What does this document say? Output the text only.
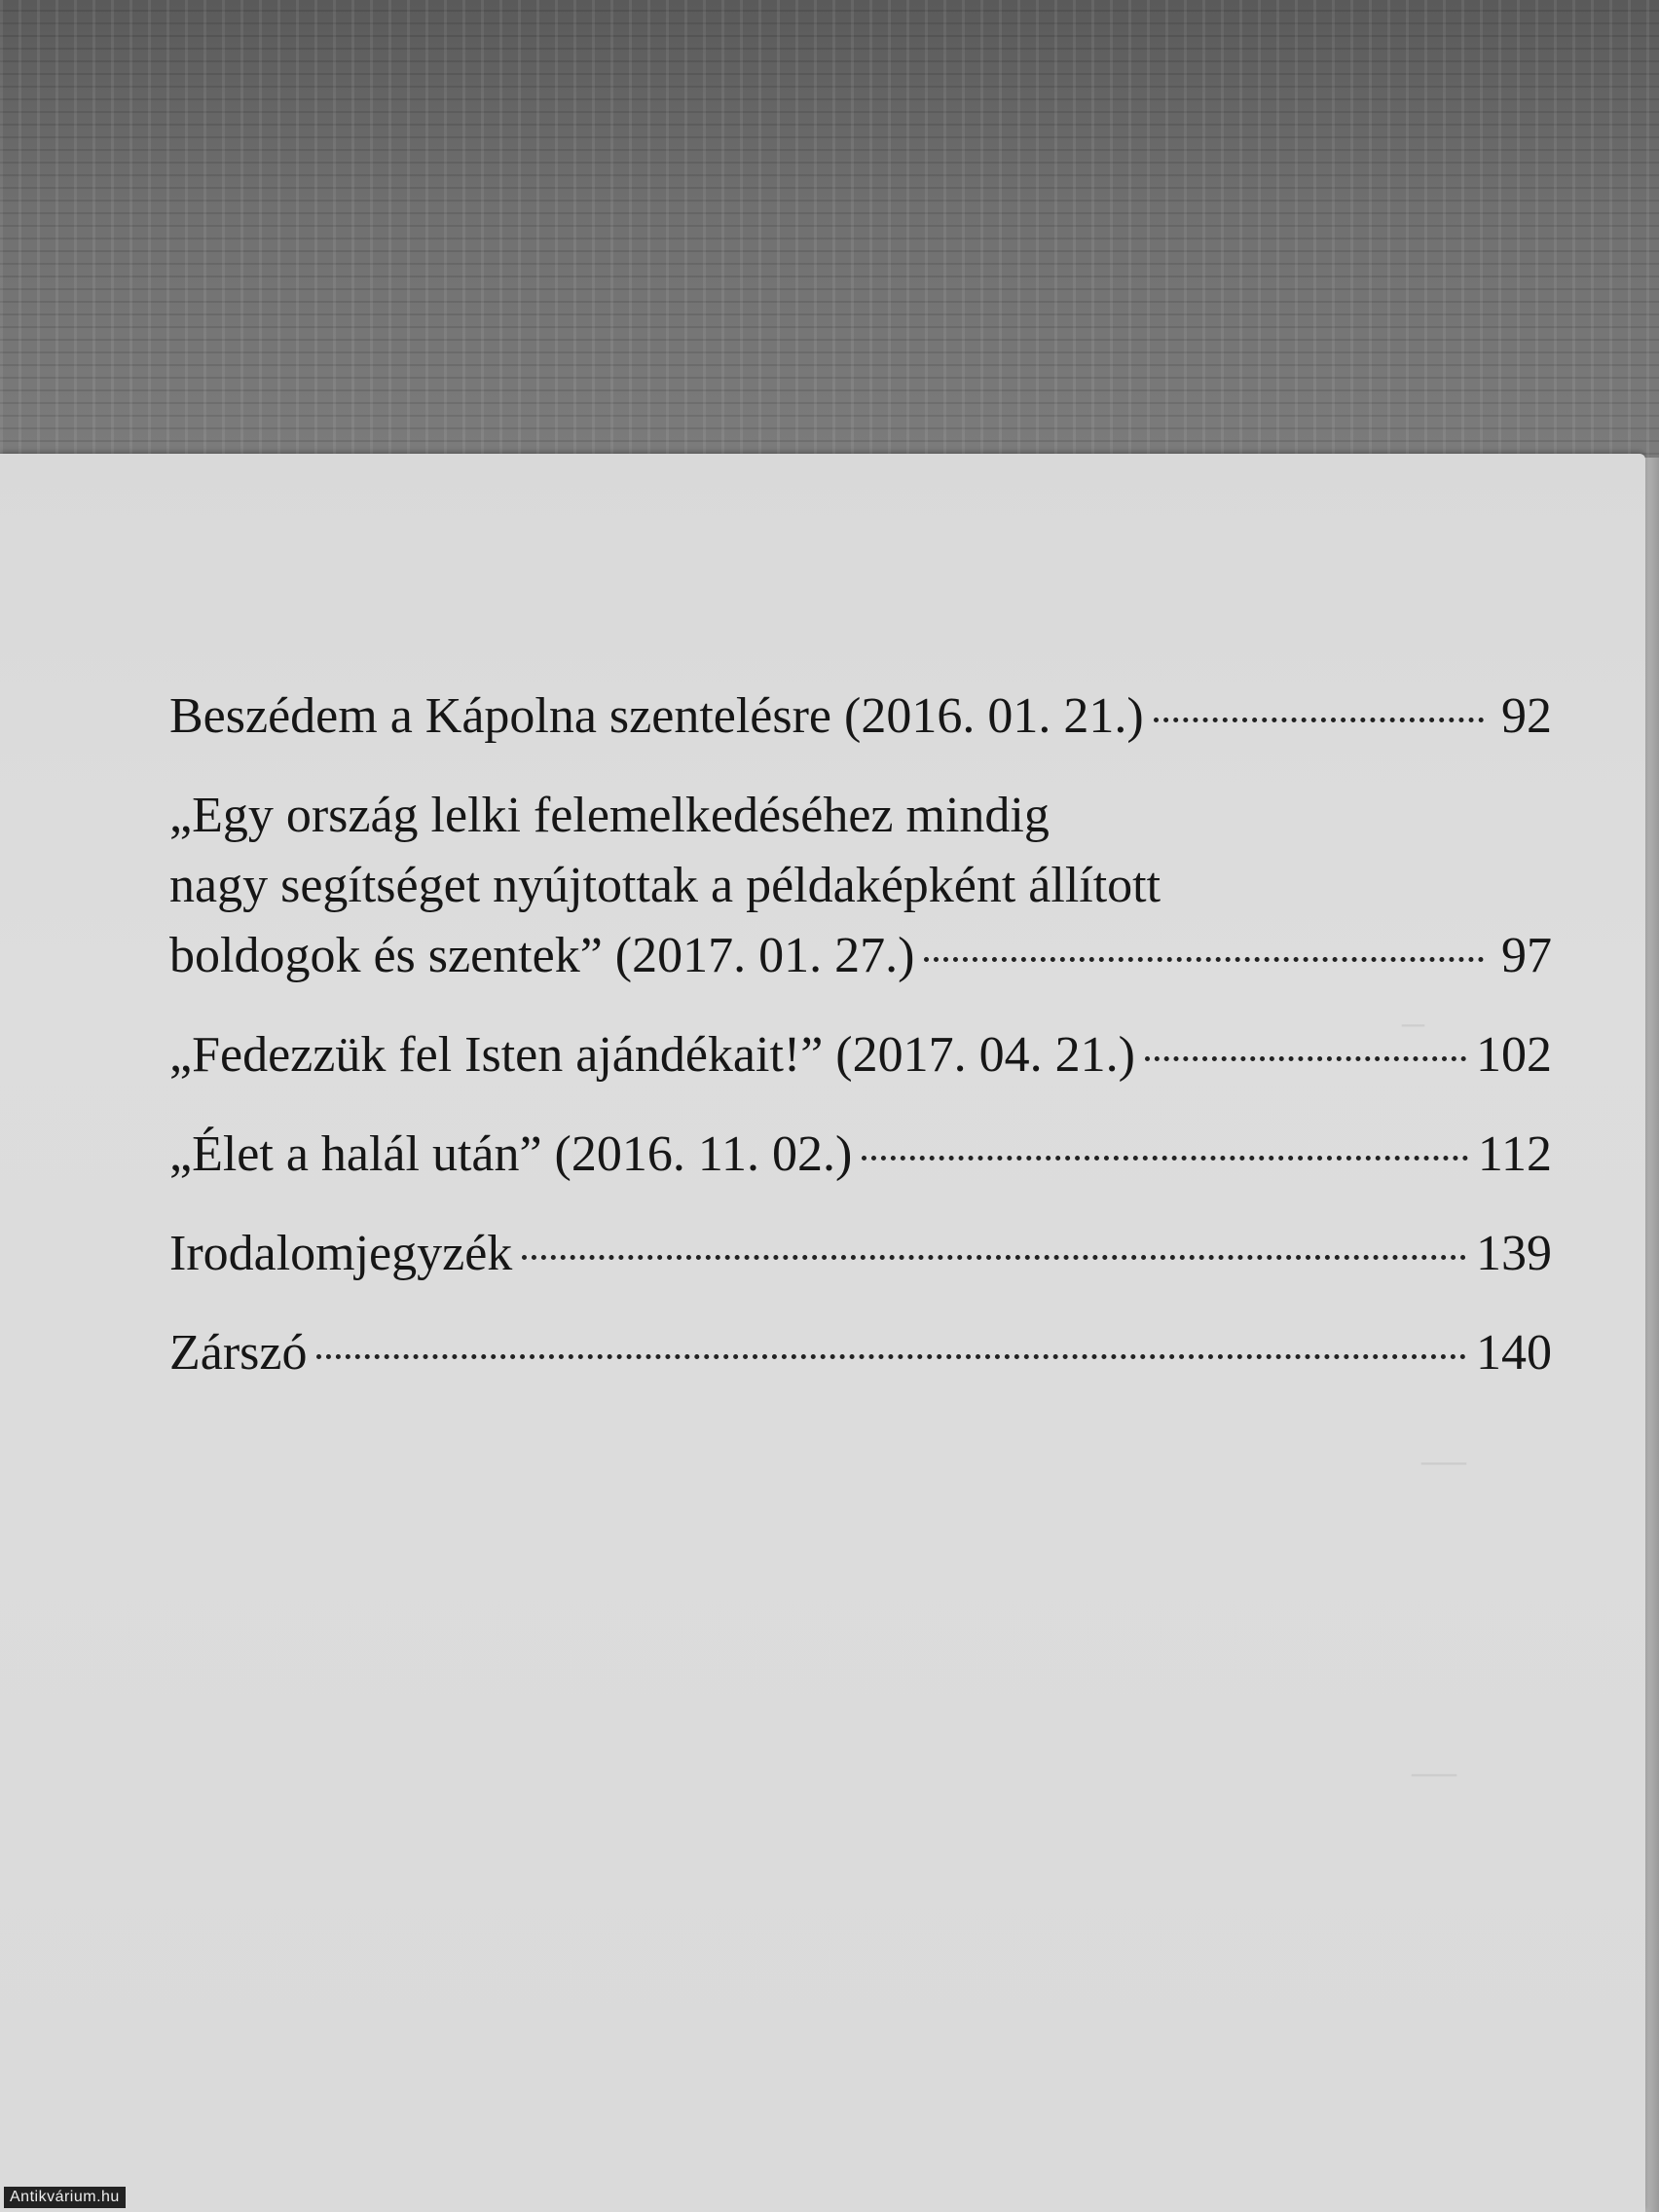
–
—
—
Beszédem a Kápolna szentelésre (2016. 01. 21.)	92
„Egy ország lelki felemelkedéséhez mindig
nagy segítséget nyújtottak a példaképként állított
boldogok és szentek” (2017. 01. 27.)	97
„Fedezzük fel Isten ajándékait!” (2017. 04. 21.)	102
„Élet a halál után” (2016. 11. 02.)	112
Irodalomjegyzék	139
Zárszó	140
Antikvárium.hu
